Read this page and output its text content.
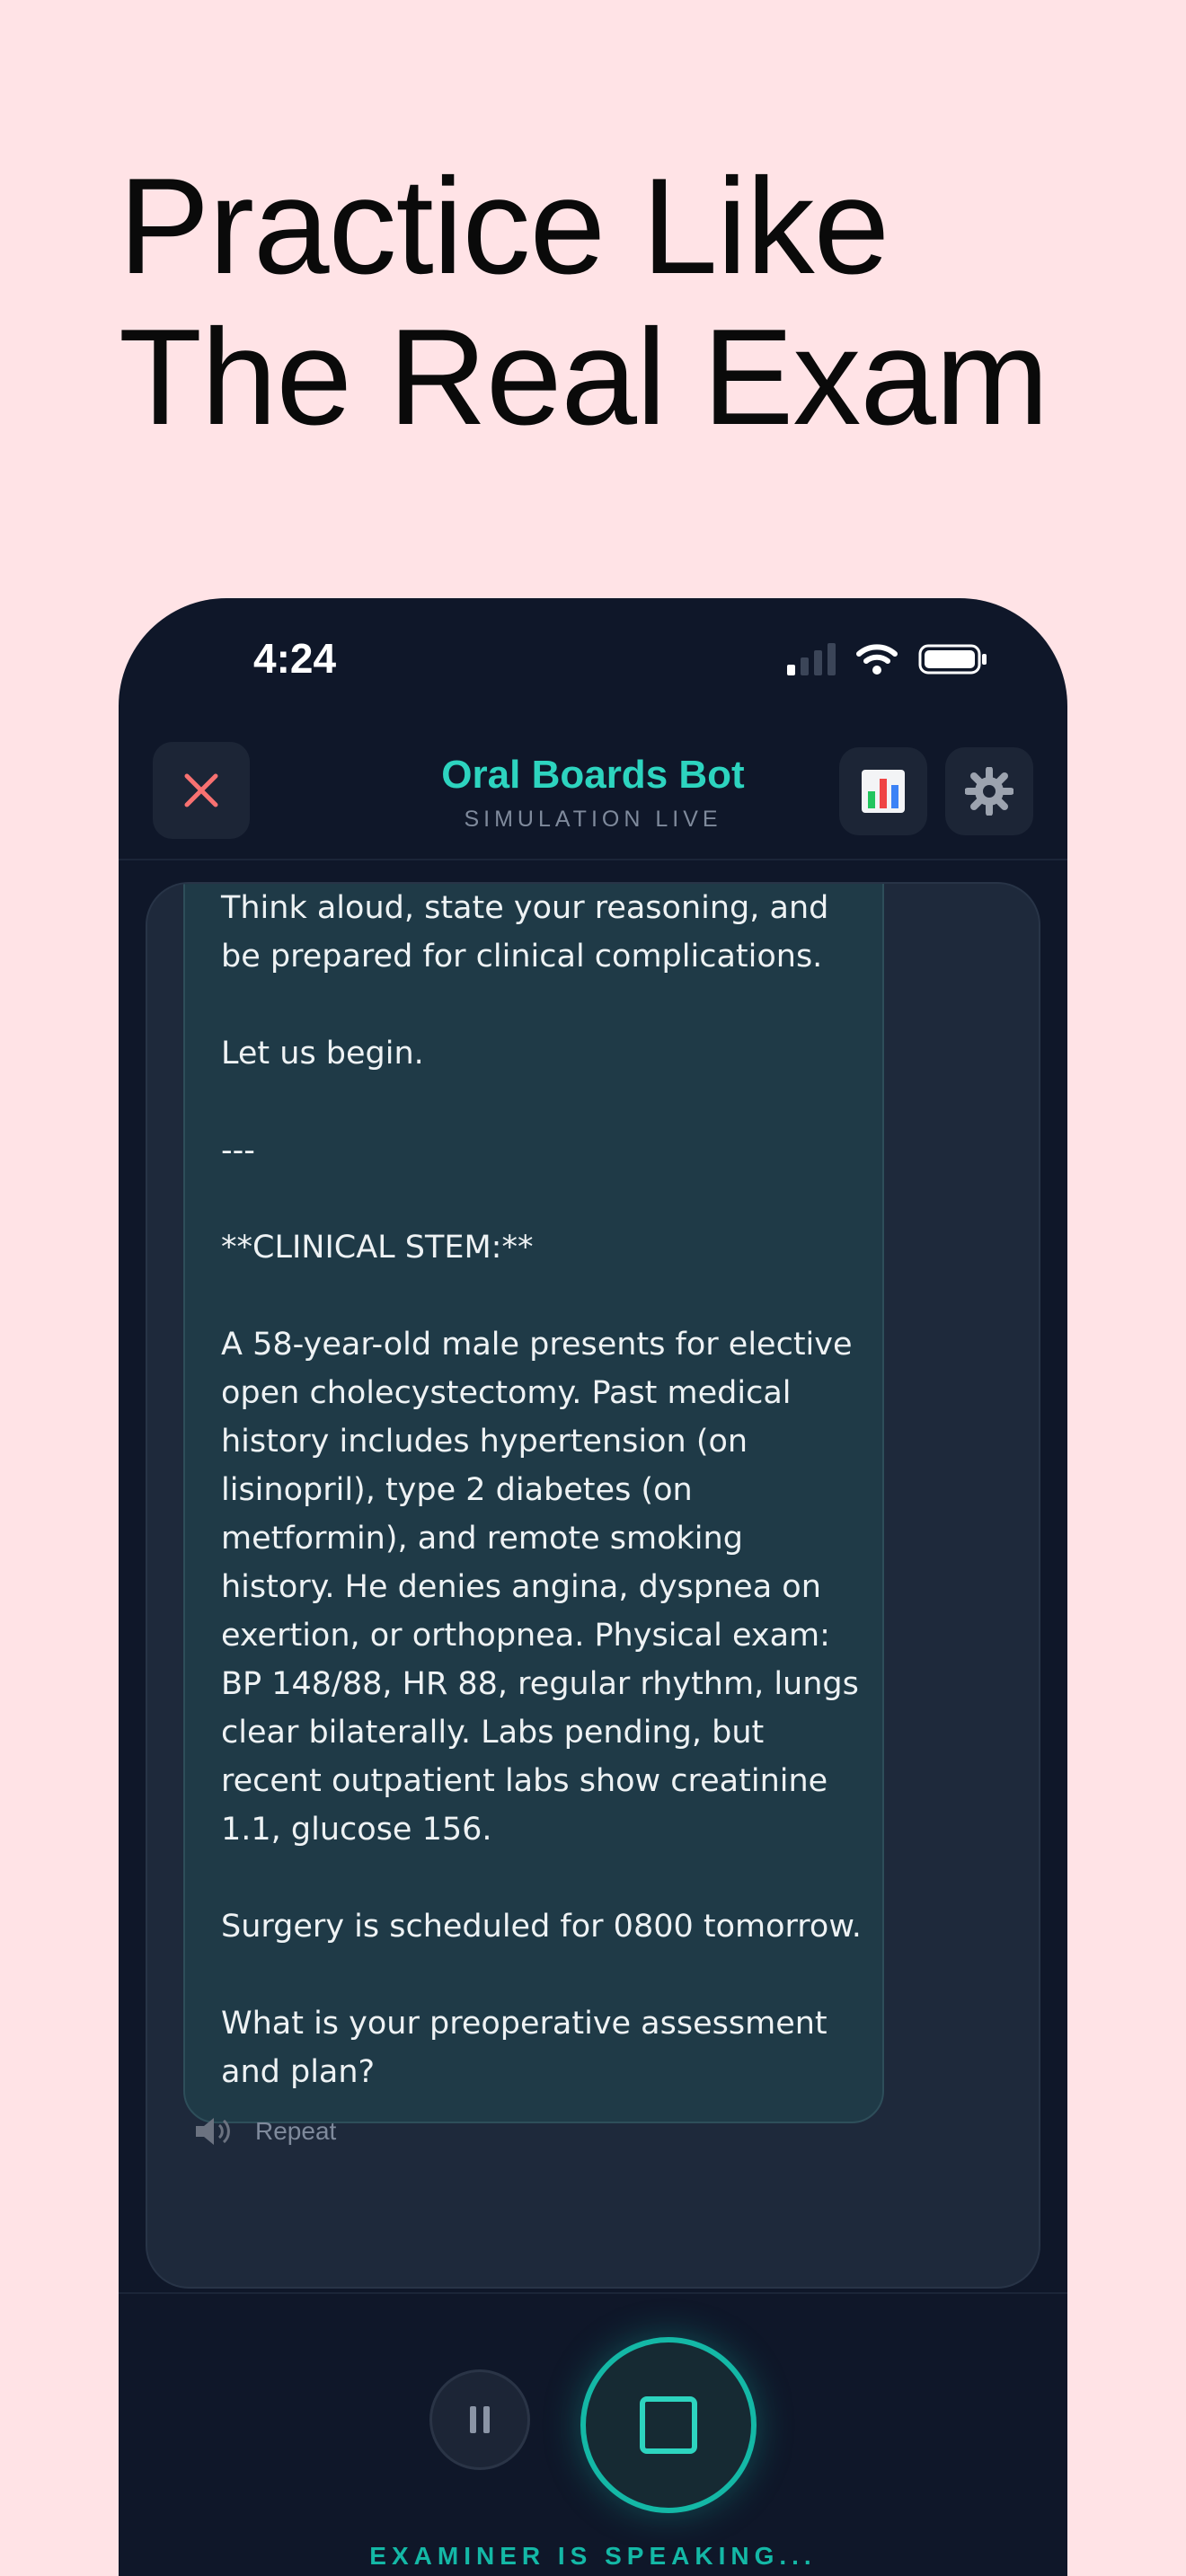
Practice Like
The Real Exam
4:24
Oral Boards Bot
SIMULATION LIVE

Think aloud, state your reasoning, and be prepared for clinical complications.

Let us begin.

---

**CLINICAL STEM:**

A 58-year-old male presents for elective open cholecystectomy. Past medical history includes hypertension (on lisinopril), type 2 diabetes (on metformin), and remote smoking history. He denies angina, dyspnea on exertion, or orthopnea. Physical exam: BP 148/88, HR 88, regular rhythm, lungs clear bilaterally. Labs pending, but recent outpatient labs show creatinine 1.1, glucose 156.

Surgery is scheduled for 0800 tomorrow.

What is your preoperative assessment and plan?

Repeat
EXAMINER IS SPEAKING...
